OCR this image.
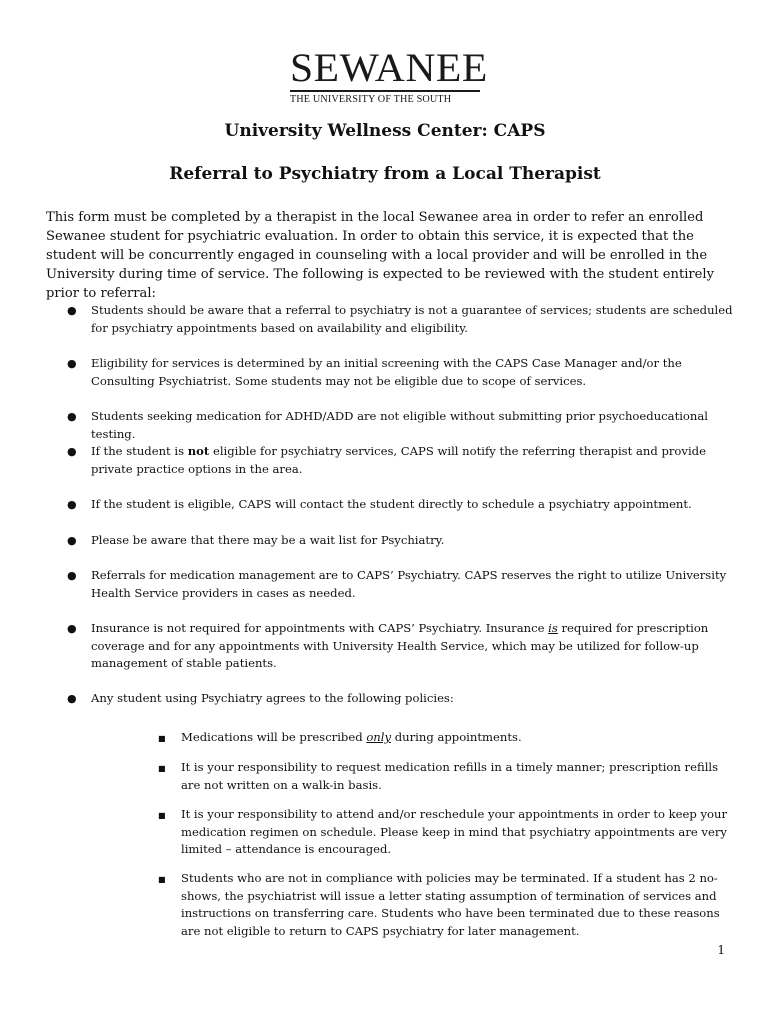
SEWANEE
THE UNIVERSITY OF THE SOUTH
University Wellness Center: CAPS
Referral to Psychiatry from a Local Therapist

This form must be completed by a therapist in the local Sewanee area in order to refer an enrolled Sewanee student for psychiatric evaluation. In order to obtain this service, it is expected that the student will be concurrently engaged in counseling with a local provider and will be enrolled in the University during time of service. The following is expected to be reviewed with the student entirely prior to referral:

● Students should be aware that a referral to psychiatry is not a guarantee of services; students are scheduled for psychiatry appointments based on availability and eligibility.
● Eligibility for services is determined by an initial screening with the CAPS Case Manager and/or the Consulting Psychiatrist. Some students may not be eligible due to scope of services.
● Students seeking medication for ADHD/ADD are not eligible without submitting prior psychoeducational testing.
● If the student is not eligible for psychiatry services, CAPS will notify the referring therapist and provide private practice options in the area.
● If the student is eligible, CAPS will contact the student directly to schedule a psychiatry appointment.
● Please be aware that there may be a wait list for Psychiatry.
● Referrals for medication management are to CAPS’ Psychiatry. CAPS reserves the right to utilize University Health Service providers in cases as needed.
● Insurance is not required for appointments with CAPS’ Psychiatry. Insurance is required for prescription coverage and for any appointments with University Health Service, which may be utilized for follow-up management of stable patients.
● Any student using Psychiatry agrees to the following policies:
■ Medications will be prescribed only during appointments.
■ It is your responsibility to request medication refills in a timely manner; prescription refills are not written on a walk-in basis.
■ It is your responsibility to attend and/or reschedule your appointments in order to keep your medication regimen on schedule. Please keep in mind that psychiatry appointments are very limited – attendance is encouraged.
■ Students who are not in compliance with policies may be terminated. If a student has 2 no-shows, the psychiatrist will issue a letter stating assumption of termination of services and instructions on transferring care. Students who have been terminated due to these reasons are not eligible to return to CAPS psychiatry for later management.
1
